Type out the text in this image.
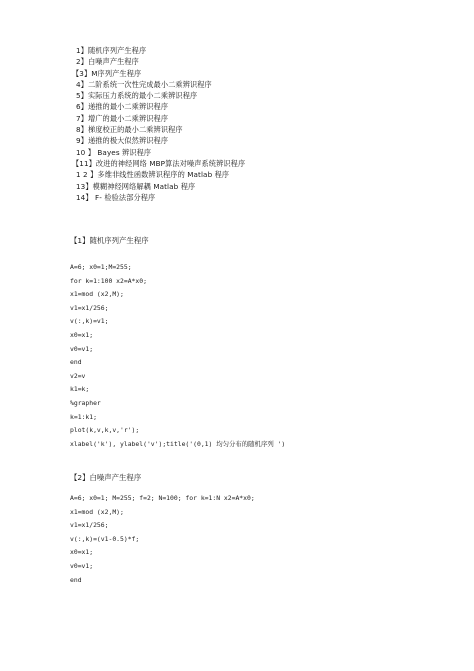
1】随机序列产生程序
2】白噪声产生程序
【3】M序列产生程序
4】二阶系统一次性完成最小二乘辨识程序
5】实际压力系统的最小二乘辨识程序
6】递推的最小二乘辨识程序
7】增广的最小二乘辨识程序
8】梯度校正的最小二乘辨识程序
9】递推的极大似然辨识程序
10 】 Bayes 辨识程序
【11】改进的神经网络 MBP算法对噪声系统辨识程序
1 2 】多维非线性函数辨识程序的 Matlab 程序
13】模糊神经网络解耦 Matlab 程序
14】 F- 检验法部分程序
【1】随机序列产生程序
A=6; x0=1;M=255;
for k=1:100 x2=A*x0;
x1=mod (x2,M);
v1=x1/256;
v(:,k)=v1;
x0=x1;
v0=v1;
end
v2=v
k1=k;
%grapher
k=1:k1;
plot(k,v,k,v,'r');
xlabel('k'), ylabel('v');title('(0,1) 均匀分布的随机序列 ')
【2】白噪声产生程序
A=6; x0=1; M=255; f=2; N=100; for k=1:N x2=A*x0;
x1=mod (x2,M);
v1=x1/256;
v(:,k)=(v1-0.5)*f;
x0=x1;
v0=v1;
end
